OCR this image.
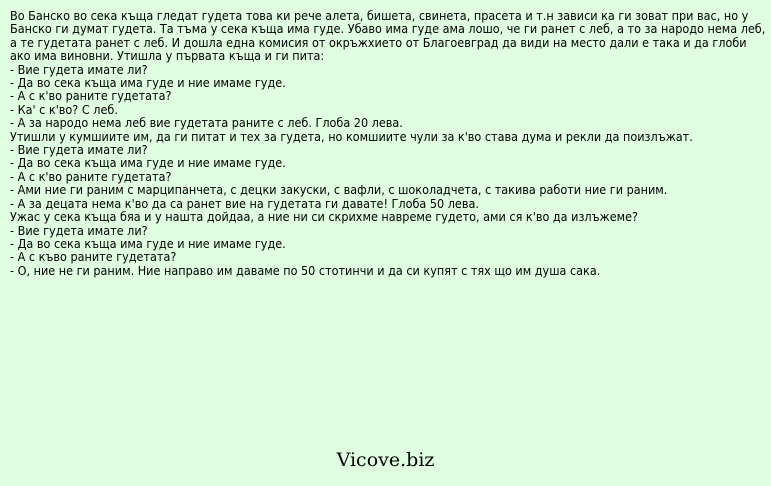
Во Банско во сека къща гледат гудета това ки рече алета, бишета, свинета, прасета и т.н зависи ка ги зоват при вас, но у Банско ги думат гудета. Та тъма у сека къща има гуде. Убаво има гуде ама лошо, че ги ранет с леб, а то за народо нема леб, а те гудетата ранет с леб. И дошла една комисия от окръжхието от Благоевград да види на место дали е така и да глоби ако има виновни. Утишла у първата къща и ги пита:
- Вие гудета имате ли?
- Да во сека къща има гуде и ние имаме гуде.
- А с к'во раните гудетата?
- Ка' с к'во? С леб.
- А за народо нема леб вие гудетата раните с леб. Глоба 20 лева.
Утишли у кумшиите им, да ги питат и тех за гудета, но комшиите чули за к'во става дума и рекли да поизлъжат.
- Вие гудета имате ли?
- Да во сека къща има гуде и ние имаме гуде.
- А с к'во раните гудетата?
- Ами ние ги раним с марципанчета, с децки закуски, с вафли, с шоколадчета, с такива работи ние ги раним.
- А за децата нема к'во да са ранет вие на гудетата ги давате! Глоба 50 лева.
Ужас у сека къща бяа и у нашта дойдаа, а ние ни си скрихме навреме гудето, ами ся к'во да излъжеме?
- Вие гудета имате ли?
- Да во сека къща има гуде и ние имаме гуде.
- А с къво раните гудетата?
- О, ние не ги раним. Ние направо им даваме по 50 стотинчи и да си купят с тях що им душа сака.

Vicove.biz
